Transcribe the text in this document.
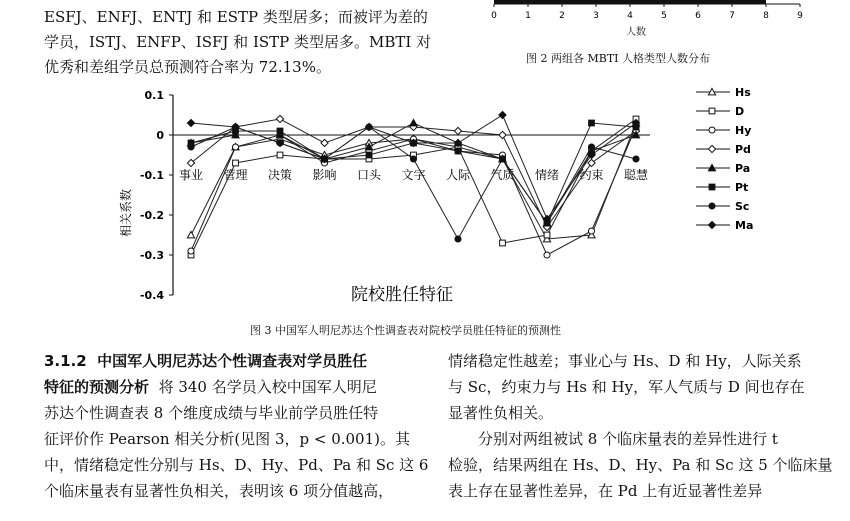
ESFJ、ENFJ、ENTJ 和 ESTP 类型居多；而被评为差的
学员，ISTJ、ENFP、ISFJ 和 ISTP 类型居多。MBTI 对
优秀和差组学员总预测符合率为 72.13%。
0	1	2	3	4	5	6	7	8	9
人数
图 2 两组各 MBTI 人格类型人数分布
0.1
0
-0.1
-0.2
-0.3
-0.4
事业 管理 决策 影响 口头 文字 人际 气质 情绪 约束 聪慧
Hs
D
Hy
Pd
Pa
Pt
Sc
Ma
相关系数
院校胜任特征
图 3 中国军人明尼苏达个性调查表对院校学员胜任特征的预测性
3.1.2 中国军人明尼苏达个性调查表对学员胜任
特征的预测分析 将 340 名学员入校中国军人明尼
苏达个性调查表 8 个维度成绩与毕业前学员胜任特
征评价作 Pearson 相关分析(见图 3，p < 0.001)。其
中，情绪稳定性分别与 Hs、D、Hy、Pd、Pa 和 Sc 这 6
个临床量表有显著性负相关，表明该 6 项分值越高，
情绪稳定性越差；事业心与 Hs、D 和 Hy，人际关系
与 Sc，约束力与 Hs 和 Hy，军人气质与 D 间也存在
显著性负相关。
分别对两组被试 8 个临床量表的差异性进行 t
检验，结果两组在 Hs、D、Hy、Pa 和 Sc 这 5 个临床量
表上存在显著性差异，在 Pd 上有近显著性差异
